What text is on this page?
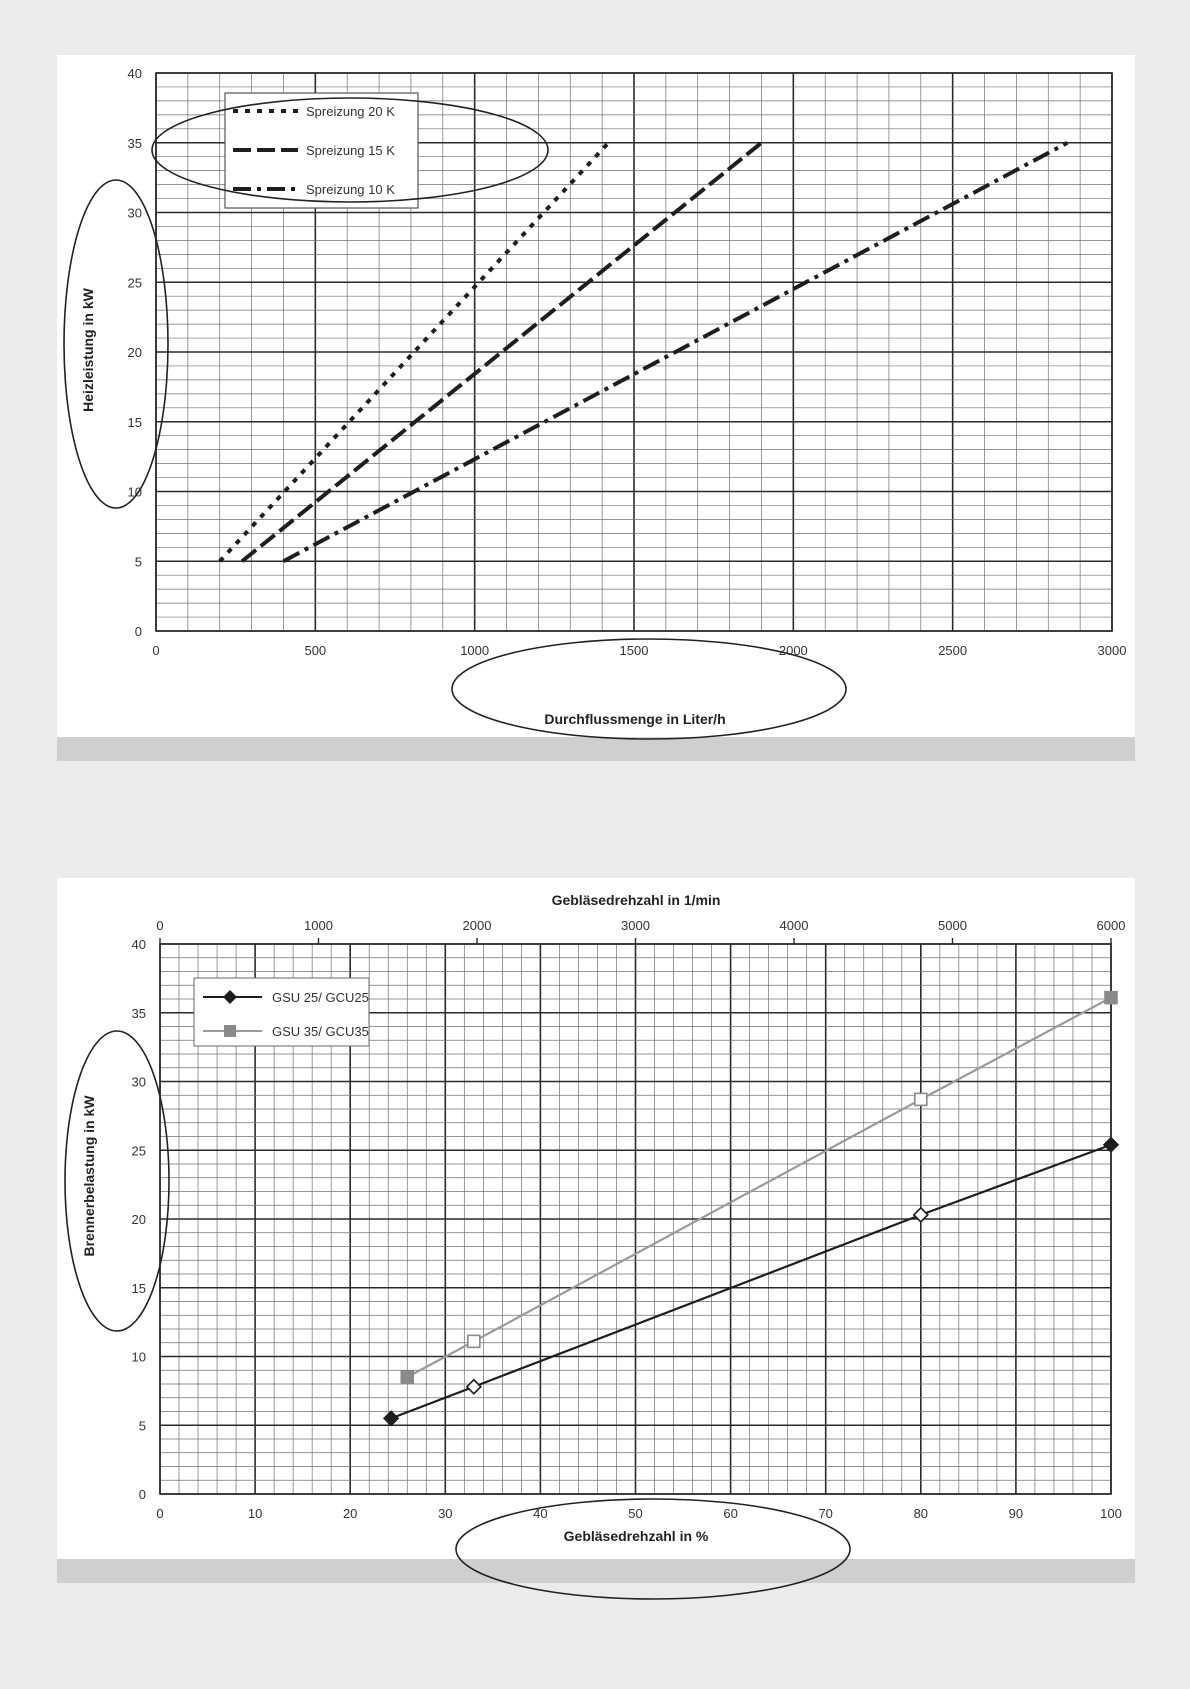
0	500	1000	1500	2000	2500	3000
0
5
10
15
20
25
30
35
40
Spreizung 20 K
Spreizung 15 K
Spreizung 10 K
Heizleistung in kW
Durchflussmenge in Liter/h
0	10	20	30	40	50	60	70	80	90	100
0
5
10
15
20
25
30
35
40
0	1000	2000	3000	4000	5000	6000
Gebläsedrehzahl in 1/min
GSU 25/ GCU25
GSU 35/ GCU35
Brennerbelastung in kW
Gebläsedrehzahl in %
